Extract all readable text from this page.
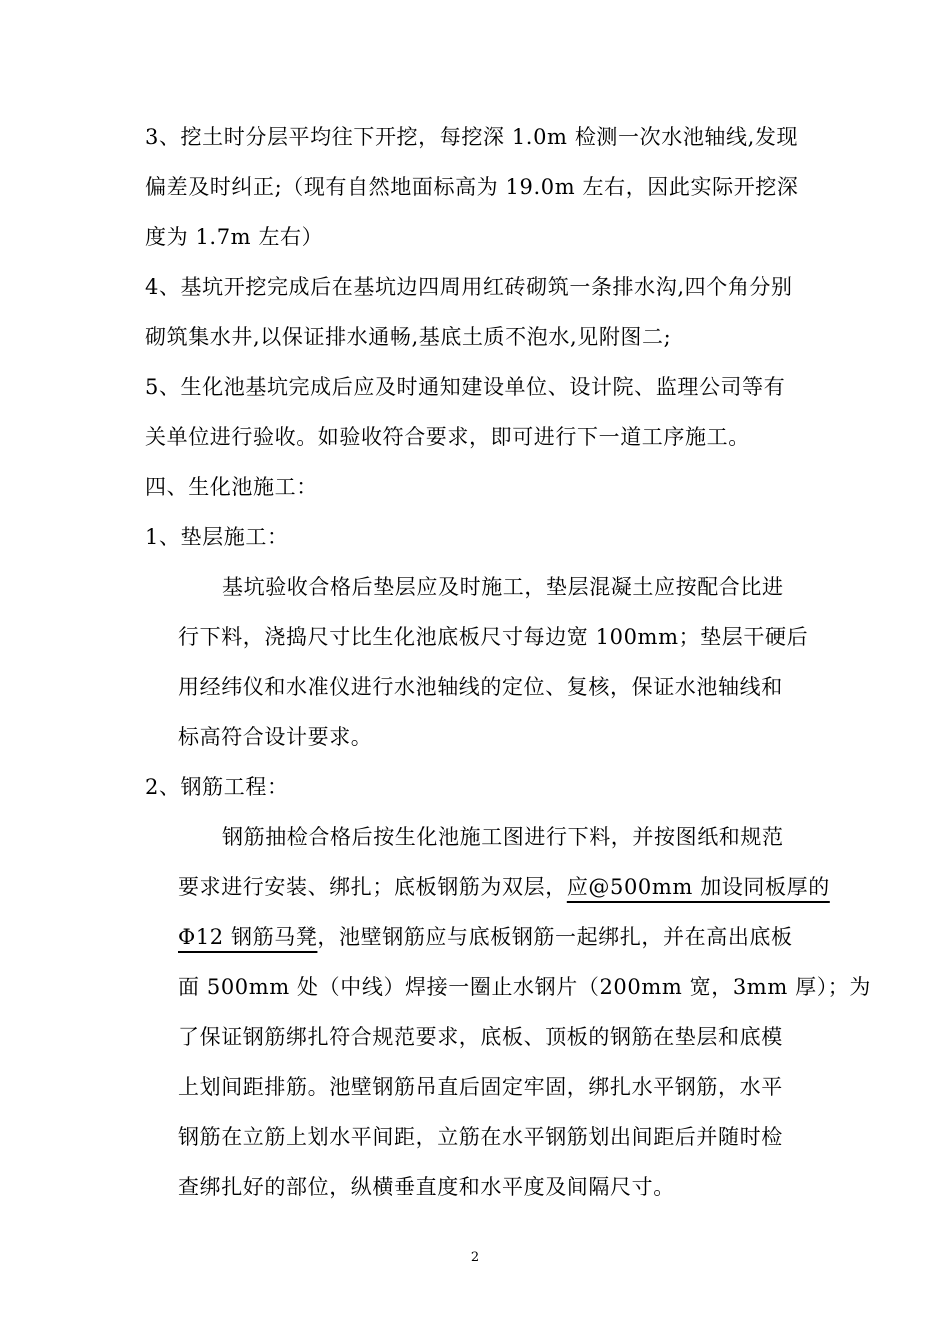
3、挖土时分层平均往下开挖，每挖深 1.0m 检测一次水池轴线,发现
偏差及时纠正;（现有自然地面标高为 19.0m 左右，因此实际开挖深
度为 1.7m 左右）
4、基坑开挖完成后在基坑边四周用红砖砌筑一条排水沟,四个角分别
砌筑集水井,以保证排水通畅,基底土质不泡水,见附图二;
5、生化池基坑完成后应及时通知建设单位、设计院、监理公司等有
关单位进行验收。如验收符合要求，即可进行下一道工序施工。
四、生化池施工：
1、垫层施工：
基坑验收合格后垫层应及时施工，垫层混凝土应按配合比进
行下料，浇捣尺寸比生化池底板尺寸每边宽 100mm；垫层干硬后
用经纬仪和水准仪进行水池轴线的定位、复核，保证水池轴线和
标高符合设计要求。
2、钢筋工程：
钢筋抽检合格后按生化池施工图进行下料，并按图纸和规范
要求进行安装、绑扎；底板钢筋为双层，应@500mm 加设同板厚的
Φ12 钢筋马凳，池壁钢筋应与底板钢筋一起绑扎，并在高出底板
面 500mm 处（中线）焊接一圈止水钢片（200mm 宽，3mm 厚）；为
了保证钢筋绑扎符合规范要求，底板、顶板的钢筋在垫层和底模
上划间距排筋。池壁钢筋吊直后固定牢固，绑扎水平钢筋，水平
钢筋在立筋上划水平间距，立筋在水平钢筋划出间距后并随时检
查绑扎好的部位，纵横垂直度和水平度及间隔尺寸。
2
